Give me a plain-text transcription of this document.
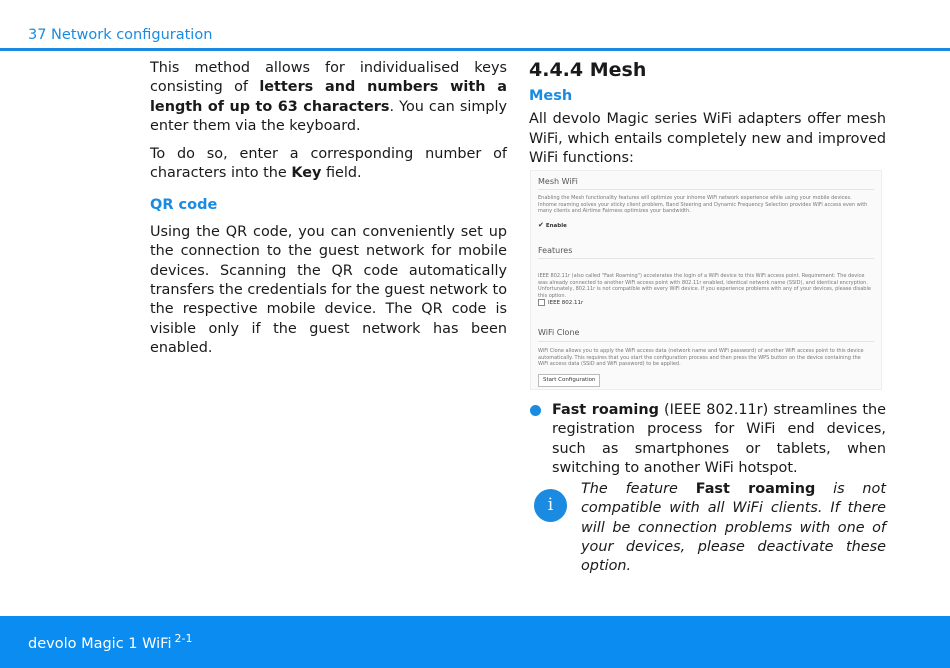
37 Network configuration

This method allows for individualised keys consisting of letters and numbers with a length of up to 63 characters. You can simply enter them via the keyboard.

To do so, enter a corresponding number of characters into the Key field.

QR code

Using the QR code, you can conveniently set up the connection to the guest network for mobile devices. Scanning the QR code automatically transfers the credentials for the guest network to the respective mobile device. The QR code is visible only if the guest network has been enabled.

4.4.4 Mesh
Mesh

All devolo Magic series WiFi adapters offer mesh WiFi, which entails completely new and improved WiFi functions:

Mesh WiFi
Enabling the Mesh functionality features will optimize your inhome WiFi network experience while using your mobile devices. Inhome roaming solves your sticky client problem, Band Steering and Dynamic Frequency Selection provides WiFi access even with many clients and Airtime Fairness optimizes your bandwidth.
✔ Enable
Features
IEEE 802.11r (also called "Fast Roaming") accelerates the login of a WiFi device to this WiFi access point. Requirement: The device was already connected to another WiFi access point with 802.11r enabled, identical network name (SSID), and identical encryption. Unfortunately, 802.11r is not compatible with every WiFi device. If you experience problems with any of your devices, please disable this option.
IEEE 802.11r
WiFi Clone
WiFi Clone allows you to apply the WiFi access data (network name and WiFi password) of another WiFi access point to this device automatically. This requires that you start the configuration process and then press the WPS button on the device containing the WiFi access data (SSID and WiFi password) to be applied.
Start Configuration

Fast roaming (IEEE 802.11r) streamlines the registration process for WiFi end devices, such as smartphones or tablets, when switching to another WiFi hotspot.

i

The feature Fast roaming is not compatible with all WiFi clients. If there will be connection problems with one of your devices, please deactivate these option.

devolo Magic 1 WiFi $^{2-1}$
